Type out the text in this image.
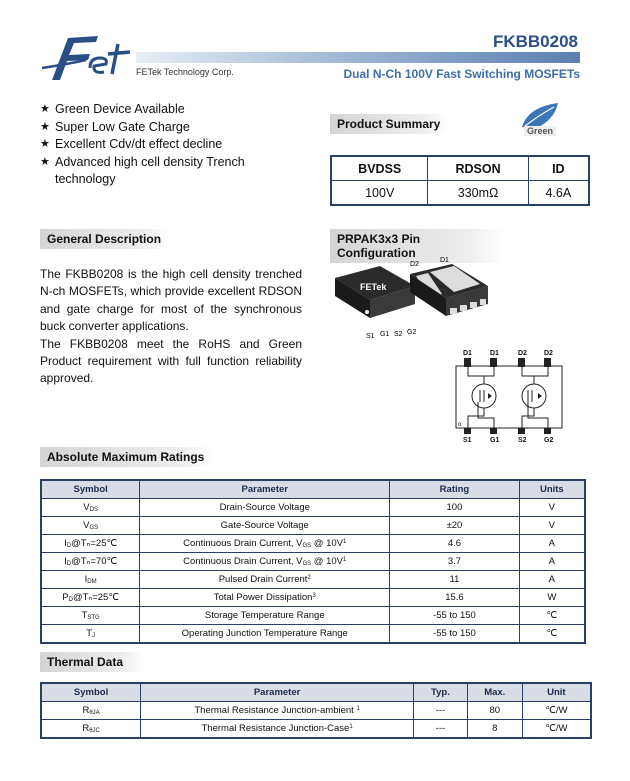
FETek Technology Corp.
FKBB0208
Dual N-Ch 100V Fast Switching MOSFETs
★ Green Device Available
★ Super Low Gate Charge
★ Excellent Cdv/dt effect decline
★ Advanced high cell density Trench technology
Product Summary	Green
BVDSS	RDSON	ID
100V	330mΩ	4.6A
General Description

The FKBB0208 is the high cell density trenched N-ch MOSFETs, which provide excellent RDSON and gate charge for most of the synchronous buck converter applications.

The FKBB0208 meet the RoHS and Green Product requirement with full function reliability approved.

PRPAK3x3 Pin Configuration
FETek
D2
D1
S1 G1 S2 G2
D1	D1	D2 D2
S1	G1	S2 G2
o
Absolute Maximum Ratings
Symbol	Parameter	Rating	Units
VDS	Drain-Source Voltage	100	V
VGS	Gate-Source Voltage	±20	V
ID@Tₙ=25℃	Continuous Drain Current, VGS @ $10V^1$	4.6	A
ID@Tₙ=70℃	Continuous Drain Current, VGS @ $10V^1$	3.7	A
IDM	Pulsed Drain Current$^2$	11	A
PD@Tₙ=25℃	Total Power Dissipation$^3$	15.6	W
TSTG	Storage Temperature Range	-55 to 150	℃
TJ	Operating Junction Temperature Range	-55 to 150	℃
Thermal Data
Symbol	Parameter	Typ.	Max.	Unit
RθJA	Thermal Resistance Junction-ambient $^1$	---	80	℃/W
RθJC	Thermal Resistance Junction-Case$^1$	---	8	℃/W
